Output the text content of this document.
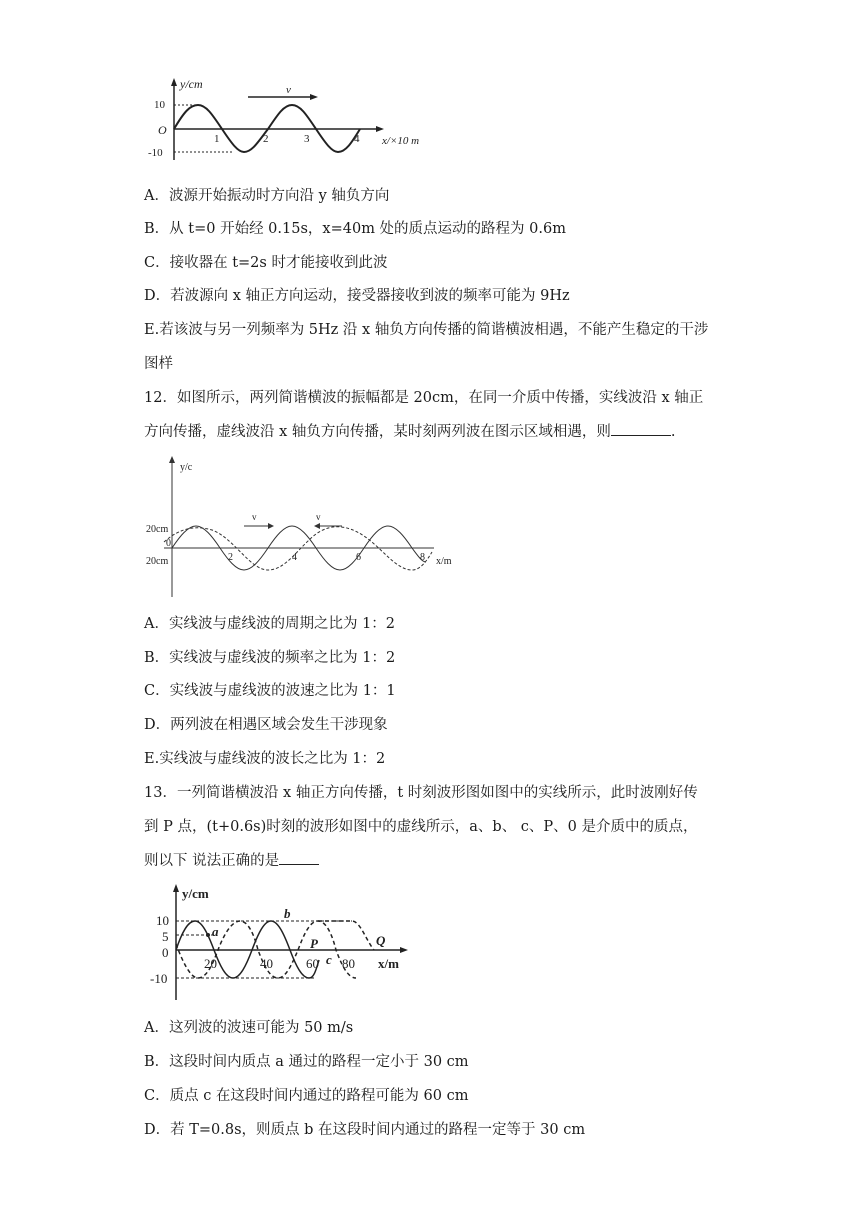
y/cm
O
10
-10
1	2	3	4 x/×10 m
v
A．波源开始振动时方向沿 y 轴负方向
B．从 t=0 开始经 0.15s，x=40m 处的质点运动的路程为 0.6m
C．接收器在 t=2s 时才能接收到此波
D．若波源向 x 轴正方向运动，接受器接收到波的频率可能为 9Hz
E.若该波与另一列频率为 5Hz 沿 x 轴负方向传播的简谐横波相遇，不能产生稳定的干涉
图样
12．如图所示，两列简谐横波的振幅都是 20cm，在同一介质中传播，实线波沿 x 轴正
方向传播，虚线波沿 x 轴负方向传播，某时刻两列波在图示区域相遇，则	.
y/c
20cm
20cm
0
2	4	6	8 x/m
v	v
A．实线波与虚线波的周期之比为 1：2
B．实线波与虚线波的频率之比为 1：2
C．实线波与虚线波的波速之比为 1：1
D．两列波在相遇区域会发生干涉现象
E.实线波与虚线波的波长之比为 1：2
13．一列简谐横波沿 x 轴正方向传播，t 时刻波形图如图中的实线所示，此时波刚好传
到 P 点，(t+0.6s)时刻的波形如图中的虚线所示，a、b、 c、P、0 是介质中的质点，
则以下 说法正确的是
y/cm
x/m
10
5
0
-10
20	40	60 80
a
b
P
c
Q
A．这列波的波速可能为 50 m/s
B．这段时间内质点 a 通过的路程一定小于 30 cm
C．质点 c 在这段时间内通过的路程可能为 60 cm
D．若 T=0.8s，则质点 b 在这段时间内通过的路程一定等于 30 cm
